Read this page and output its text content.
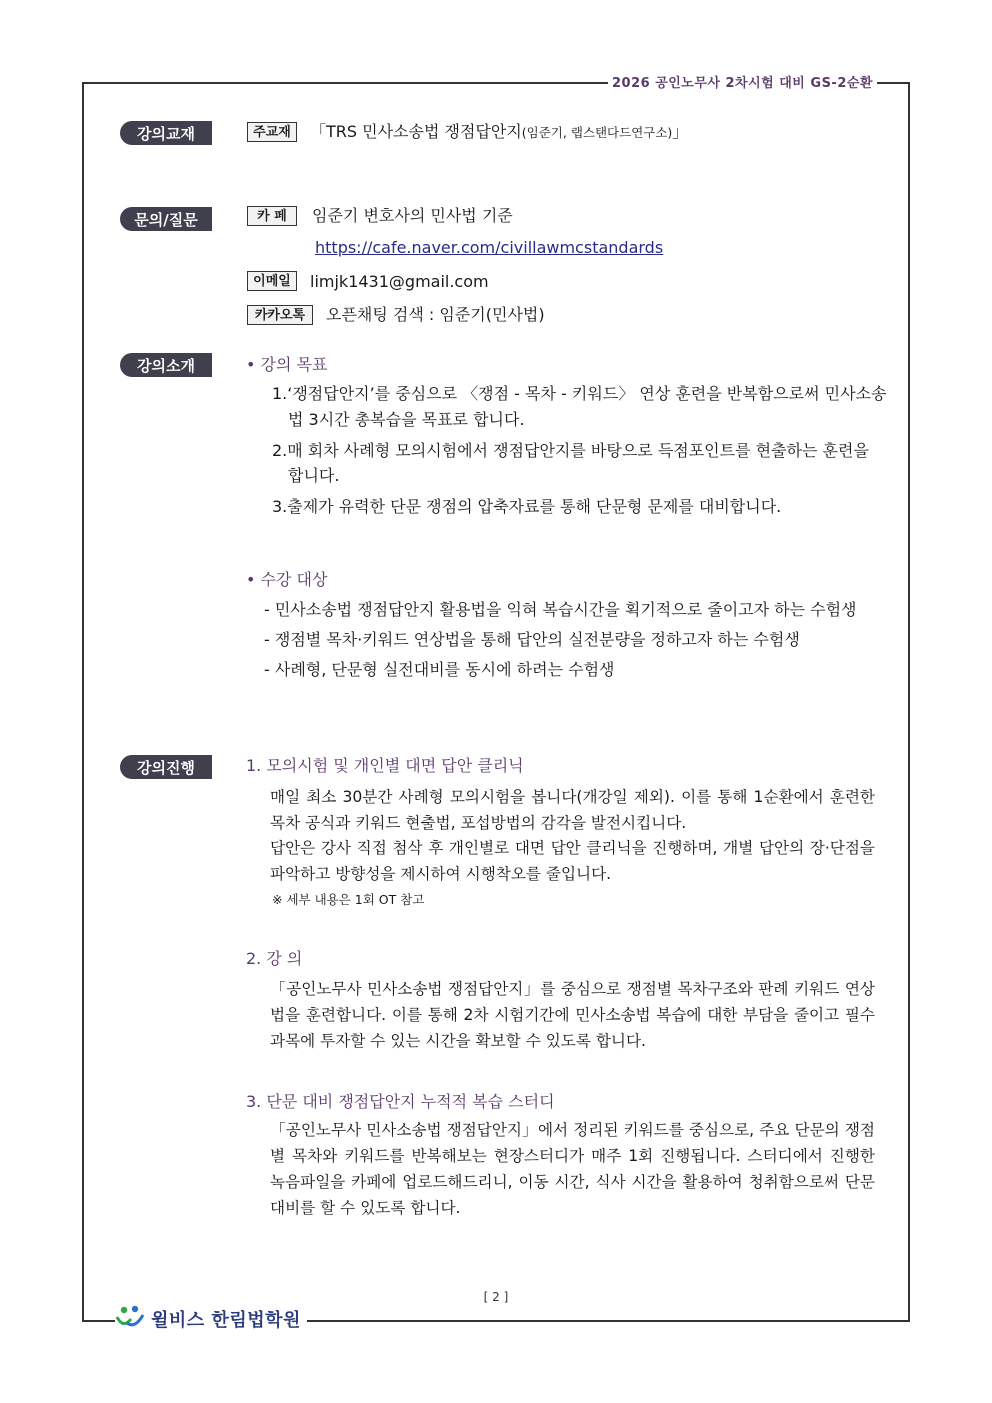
2026 공인노무사 2차시험 대비 GS-2순환
강의교재	주교재	「TRS 민사소송법 쟁점답안지(임준기, 랩스탠다드연구소)」
문의/질문	카 페	임준기 변호사의 민사법 기준
https://cafe.naver.com/civillawmcstandards
이메일	limjk1431@gmail.com
카카오톡	오픈채팅 검색 : 임준기(민사법)
강의소개	• 강의 목표
1.‘쟁점답안지’를 중심으로 〈쟁점 - 목차 - 키워드〉 연상 훈련을 반복함으로써 민사소송
법 3시간 총복습을 목표로 합니다.
2.매 회차 사례형 모의시험에서 쟁점답안지를 바탕으로 득점포인트를 현출하는 훈련을
합니다.
3.출제가 유력한 단문 쟁점의 압축자료를 통해 단문형 문제를 대비합니다.
• 수강 대상
- 민사소송법 쟁점답안지 활용법을 익혀 복습시간을 획기적으로 줄이고자 하는 수험생
- 쟁점별 목차·키워드 연상법을 통해 답안의 실전분량을 정하고자 하는 수험생
- 사례형, 단문형 실전대비를 동시에 하려는 수험생
강의진행	1. 모의시험 및 개인별 대면 답안 클리닉
매일 최소 30분간 사례형 모의시험을 봅니다(개강일 제외). 이를 통해 1순환에서 훈련한 목차 공식과 키워드 현출법, 포섭방법의 감각을 발전시킵니다.
답안은 강사 직접 첨삭 후 개인별로 대면 답안 클리닉을 진행하며, 개별 답안의 장·단점을 파악하고 방향성을 제시하여 시행착오를 줄입니다.
※ 세부 내용은 1회 OT 참고
2. 강 의
「공인노무사 민사소송법 쟁점답안지」를 중심으로 쟁점별 목차구조와 판례 키워드 연상법을 훈련합니다. 이를 통해 2차 시험기간에 민사소송법 복습에 대한 부담을 줄이고 필수과목에 투자할 수 있는 시간을 확보할 수 있도록 합니다.
3. 단문 대비 쟁점답안지 누적적 복습 스터디
「공인노무사 민사소송법 쟁점답안지」에서 정리된 키워드를 중심으로, 주요 단문의 쟁점별 목차와 키워드를 반복해보는 현장스터디가 매주 1회 진행됩니다. 스터디에서 진행한 녹음파일을 카페에 업로드해드리니, 이동 시간, 식사 시간을 활용하여 청취함으로써 단문대비를 할 수 있도록 합니다.
[ 2 ]
윌비스 한림법학원
